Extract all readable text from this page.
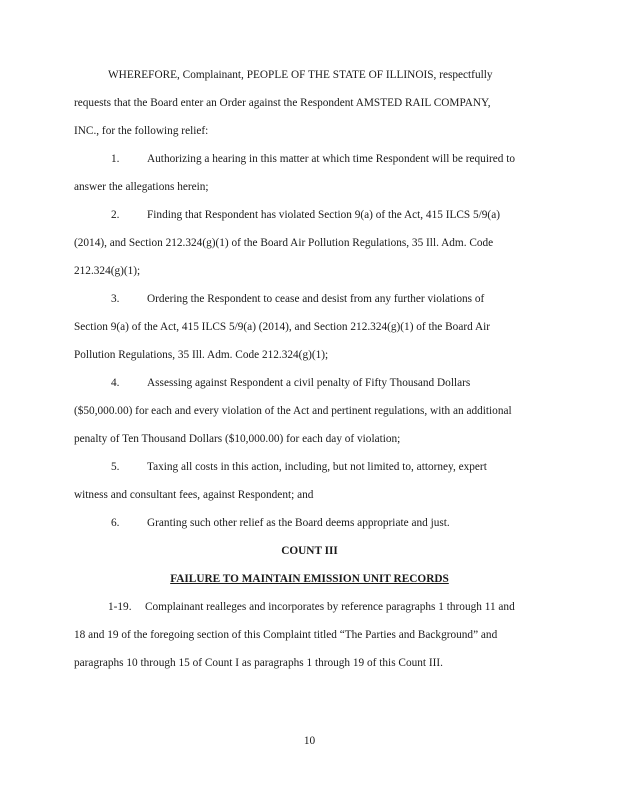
WHEREFORE, Complainant, PEOPLE OF THE STATE OF ILLINOIS, respectfully
requests that the Board enter an Order against the Respondent AMSTED RAIL COMPANY,
INC., for the following relief:
1. Authorizing a hearing in this matter at which time Respondent will be required to
answer the allegations herein;
2. Finding that Respondent has violated Section 9(a) of the Act, 415 ILCS 5/9(a)
(2014), and Section 212.324(g)(1) of the Board Air Pollution Regulations, 35 Ill. Adm. Code
212.324(g)(1);
3. Ordering the Respondent to cease and desist from any further violations of
Section 9(a) of the Act, 415 ILCS 5/9(a) (2014), and Section 212.324(g)(1) of the Board Air
Pollution Regulations, 35 Ill. Adm. Code 212.324(g)(1);
4. Assessing against Respondent a civil penalty of Fifty Thousand Dollars
($50,000.00) for each and every violation of the Act and pertinent regulations, with an additional
penalty of Ten Thousand Dollars ($10,000.00) for each day of violation;
5. Taxing all costs in this action, including, but not limited to, attorney, expert
witness and consultant fees, against Respondent; and
6. Granting such other relief as the Board deems appropriate and just.
COUNT III
FAILURE TO MAINTAIN EMISSION UNIT RECORDS
1-19. Complainant realleges and incorporates by reference paragraphs 1 through 11 and
18 and 19 of the foregoing section of this Complaint titled “The Parties and Background” and
paragraphs 10 through 15 of Count I as paragraphs 1 through 19 of this Count III.
10
